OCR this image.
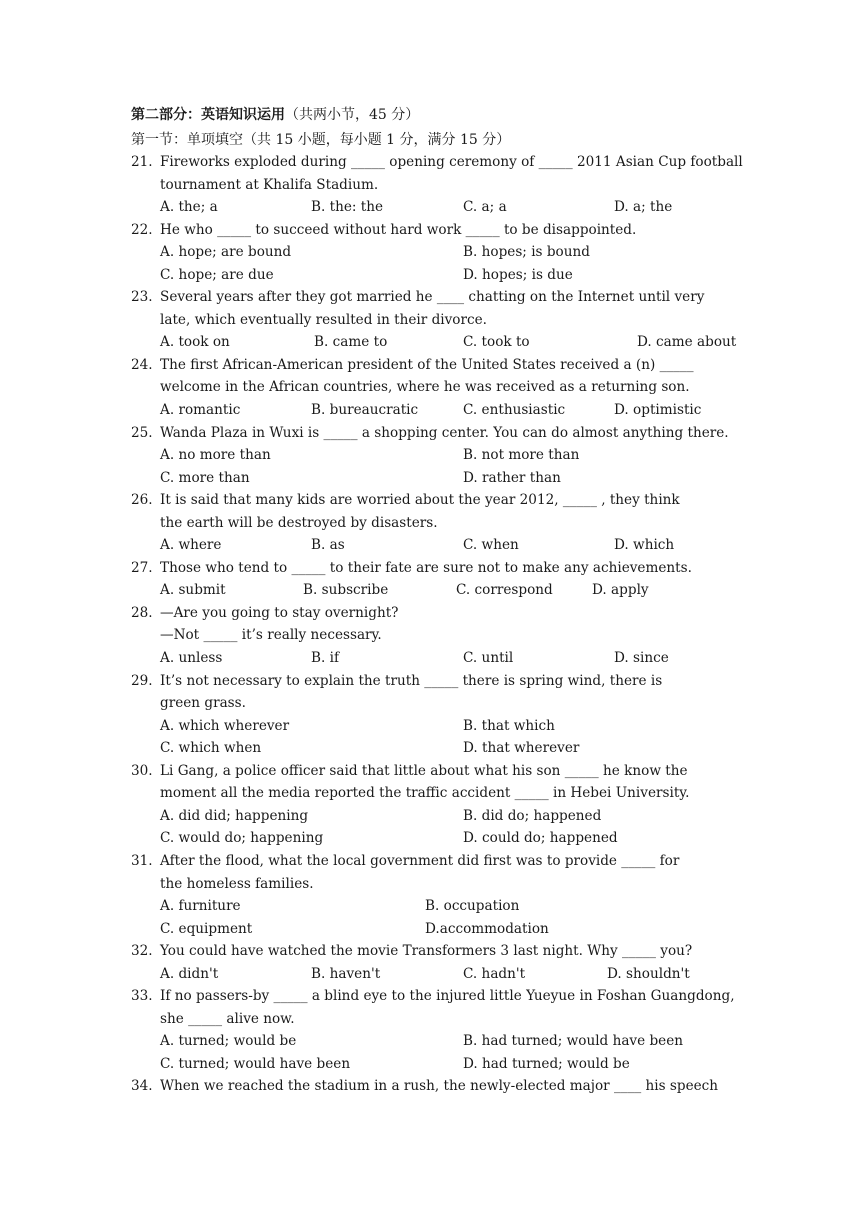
第二部分：英语知识运用（共两小节，45 分）
第一节：单项填空（共 15 小题，每小题 1 分，满分 15 分）
21. Fireworks exploded during _____ opening ceremony of _____ 2011 Asian Cup football
tournament at Khalifa Stadium.
A. the; a	B. the: the	C. a; a	D. a; the
22. He who _____ to succeed without hard work _____ to be disappointed.
A. hope; are bound	B. hopes; is bound
C. hope; are due	D. hopes; is due
23. Several years after they got married he ____ chatting on the Internet until very
late, which eventually resulted in their divorce.
A. took on	B. came to	C. took to	D. came about
24. The first African-American president of the United States received a (n) _____
welcome in the African countries, where he was received as a returning son.
A. romantic	B. bureaucratic	C. enthusiastic	D. optimistic
25. Wanda Plaza in Wuxi is _____ a shopping center. You can do almost anything there.
A. no more than	B. not more than
C. more than	D. rather than
26. It is said that many kids are worried about the year 2012, _____ , they think
the earth will be destroyed by disasters.
A. where	B. as	C. when	D. which
27. Those who tend to _____ to their fate are sure not to make any achievements.
A. submit	B. subscribe	C. correspond	D. apply
28. —Are you going to stay overnight?
—Not _____ it’s really necessary.
A. unless	B. if	C. until	D. since
29. It’s not necessary to explain the truth _____ there is spring wind, there is
green grass.
A. which wherever	B. that which
C. which when	D. that wherever
30. Li Gang, a police officer said that little about what his son _____ he know the
moment all the media reported the traffic accident _____ in Hebei University.
A. did did; happening	B. did do; happened
C. would do; happening	D. could do; happened
31. After the flood, what the local government did first was to provide _____ for
the homeless families.
A. furniture	B. occupation
C. equipment	D.accommodation
32. You could have watched the movie Transformers 3 last night. Why _____ you?
A. didn't	B. haven't	C. hadn't	D. shouldn't
33. If no passers-by _____ a blind eye to the injured little Yueyue in Foshan Guangdong,
she _____ alive now.
A. turned; would be	B. had turned; would have been
C. turned; would have been	D. had turned; would be
34. When we reached the stadium in a rush, the newly-elected major ____ his speech
